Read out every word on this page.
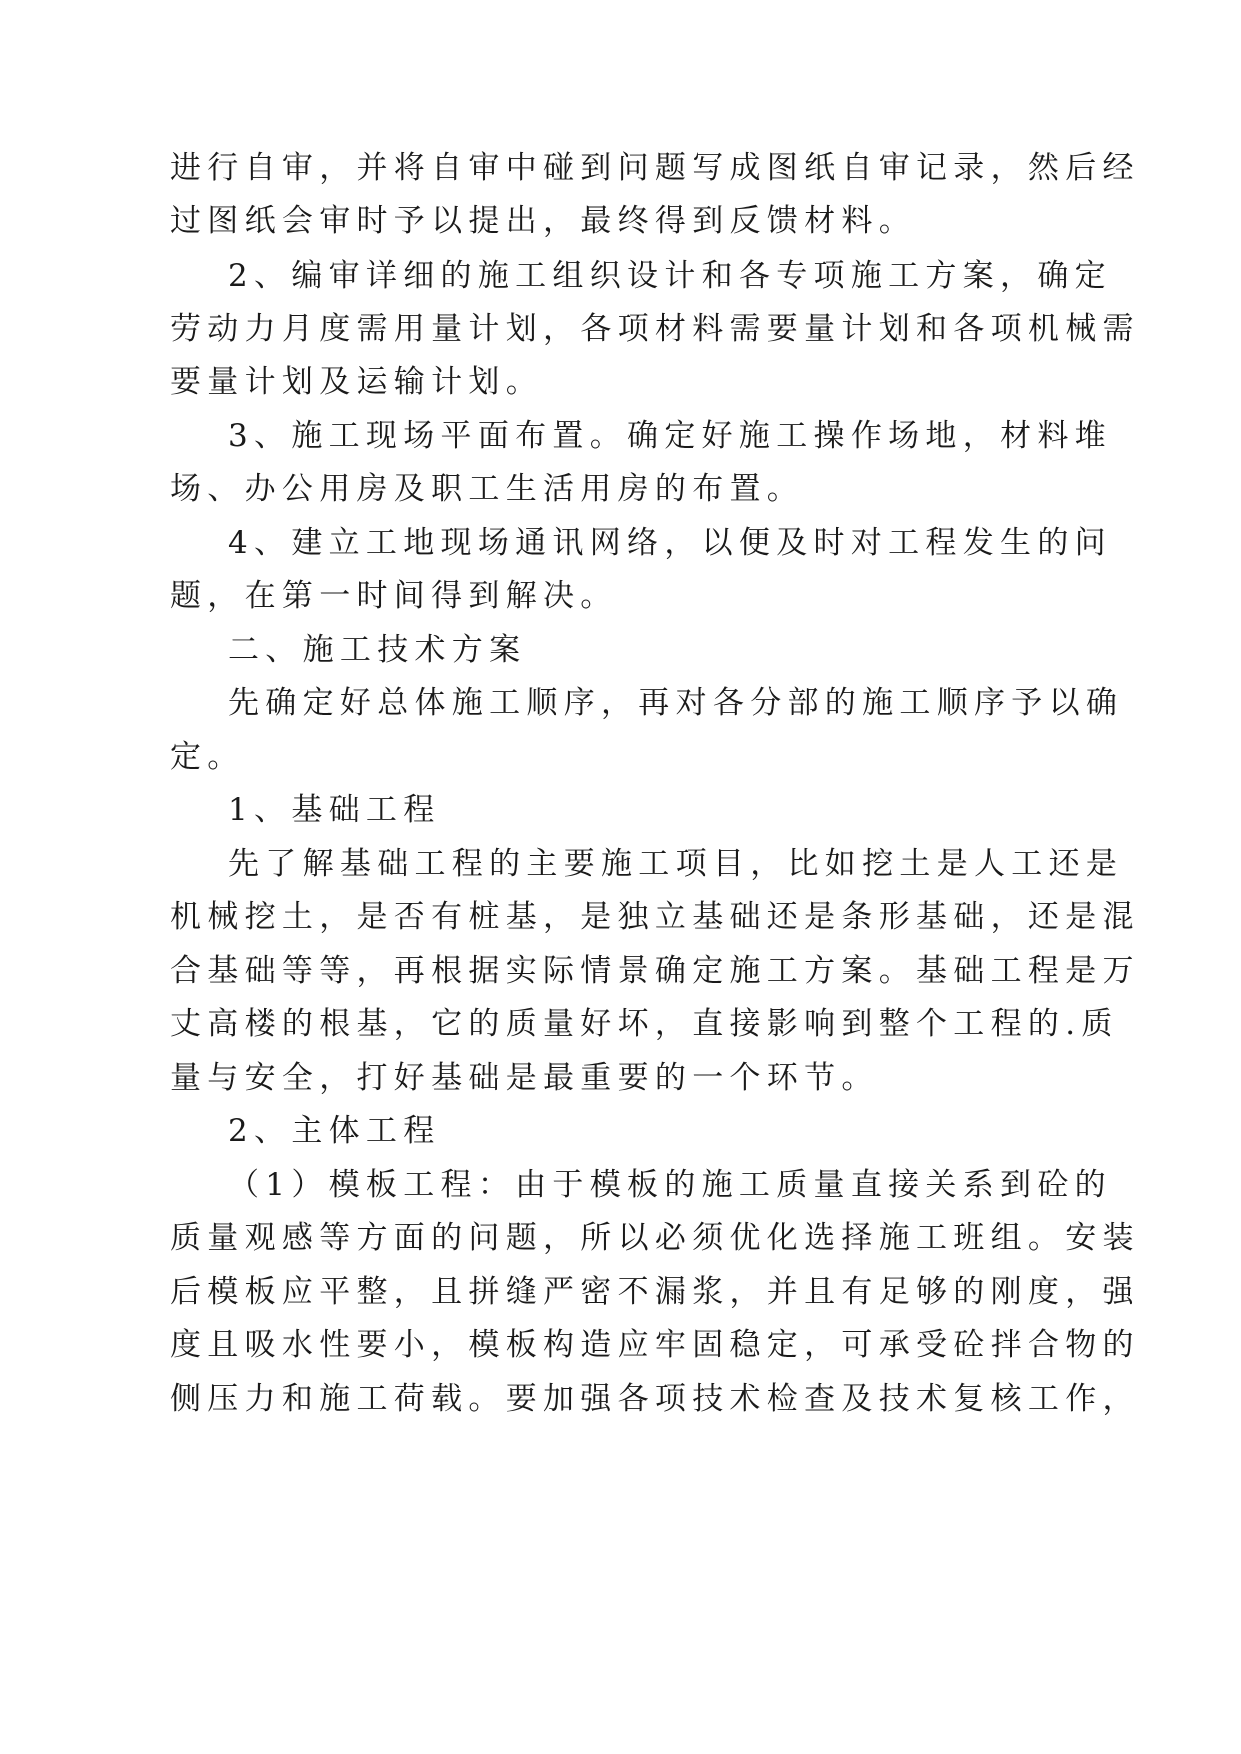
进行自审，并将自审中碰到问题写成图纸自审记录，然后经
过图纸会审时予以提出，最终得到反馈材料。
2、编审详细的施工组织设计和各专项施工方案，确定
劳动力月度需用量计划，各项材料需要量计划和各项机械需
要量计划及运输计划。
3、施工现场平面布置。确定好施工操作场地，材料堆
场、办公用房及职工生活用房的布置。
4、建立工地现场通讯网络，以便及时对工程发生的问
题，在第一时间得到解决。
二、施工技术方案
先确定好总体施工顺序，再对各分部的施工顺序予以确
定。
1、基础工程
先了解基础工程的主要施工项目，比如挖土是人工还是
机械挖土，是否有桩基，是独立基础还是条形基础，还是混
合基础等等，再根据实际情景确定施工方案。基础工程是万
丈高楼的根基，它的质量好坏，直接影响到整个工程的.质
量与安全，打好基础是最重要的一个环节。
2、主体工程
（1）模板工程：由于模板的施工质量直接关系到砼的
质量观感等方面的问题，所以必须优化选择施工班组。安装
后模板应平整，且拼缝严密不漏浆，并且有足够的刚度，强
度且吸水性要小，模板构造应牢固稳定，可承受砼拌合物的
侧压力和施工荷载。要加强各项技术检查及技术复核工作，
